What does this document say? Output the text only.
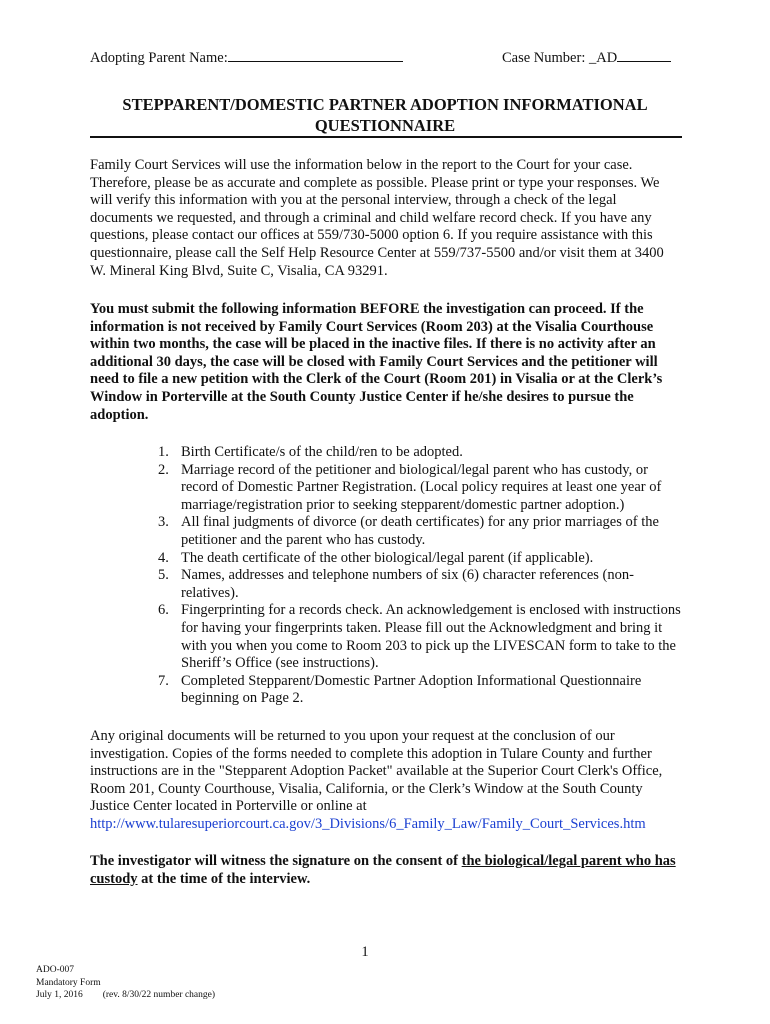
Adopting Parent Name:	Case Number: _AD
STEPPARENT/DOMESTIC PARTNER ADOPTION INFORMATIONAL
QUESTIONNAIRE

Family Court Services will use the information below in the report to the Court for your case. Therefore, please be as accurate and complete as possible. Please print or type your responses. We will verify this information with you at the personal interview, through a check of the legal documents we requested, and through a criminal and child welfare record check. If you have any questions, please contact our offices at 559/730-5000 option 6. If you require assistance with this questionnaire, please call the Self Help Resource Center at 559/737-5500 and/or visit them at 3400 W. Mineral King Blvd, Suite C, Visalia, CA 93291.

You must submit the following information BEFORE the investigation can proceed. If the information is not received by Family Court Services (Room 203) at the Visalia Courthouse within two months, the case will be placed in the inactive files. If there is no activity after an additional 30 days, the case will be closed with Family Court Services and the petitioner will need to file a new petition with the Clerk of the Court (Room 201) in Visalia or at the Clerk’s Window in Porterville at the South County Justice Center if he/she desires to pursue the adoption.

1. Birth Certificate/s of the child/ren to be adopted.
2. Marriage record of the petitioner and biological/legal parent who has custody, or record of Domestic Partner Registration. (Local policy requires at least one year of marriage/registration prior to seeking stepparent/domestic partner adoption.)
3. All final judgments of divorce (or death certificates) for any prior marriages of the petitioner and the parent who has custody.
4. The death certificate of the other biological/legal parent (if applicable).
5. Names, addresses and telephone numbers of six (6) character references (non-relatives).
6. Fingerprinting for a records check. An acknowledgement is enclosed with instructions for having your fingerprints taken. Please fill out the Acknowledgment and bring it with you when you come to Room 203 to pick up the LIVESCAN form to take to the Sheriff’s Office (see instructions).
7. Completed Stepparent/Domestic Partner Adoption Informational Questionnaire beginning on Page 2.
Any original documents will be returned to you upon your request at the conclusion of our investigation. Copies of the forms needed to complete this adoption in Tulare County and further instructions are in the "Stepparent Adoption Packet" available at the Superior Court Clerk's Office, Room 201, County Courthouse, Visalia, California, or the Clerk’s Window at the South County Justice Center located in Porterville or online at
http://www.tularesuperiorcourt.ca.gov/3_Divisions/6_Family_Law/Family_Court_Services.htm

The investigator will witness the signature on the consent of the biological/legal parent who has custody at the time of the interview.

1
ADO-007
Mandatory Form
July 1, 2016 (rev. 8/30/22 number change)
